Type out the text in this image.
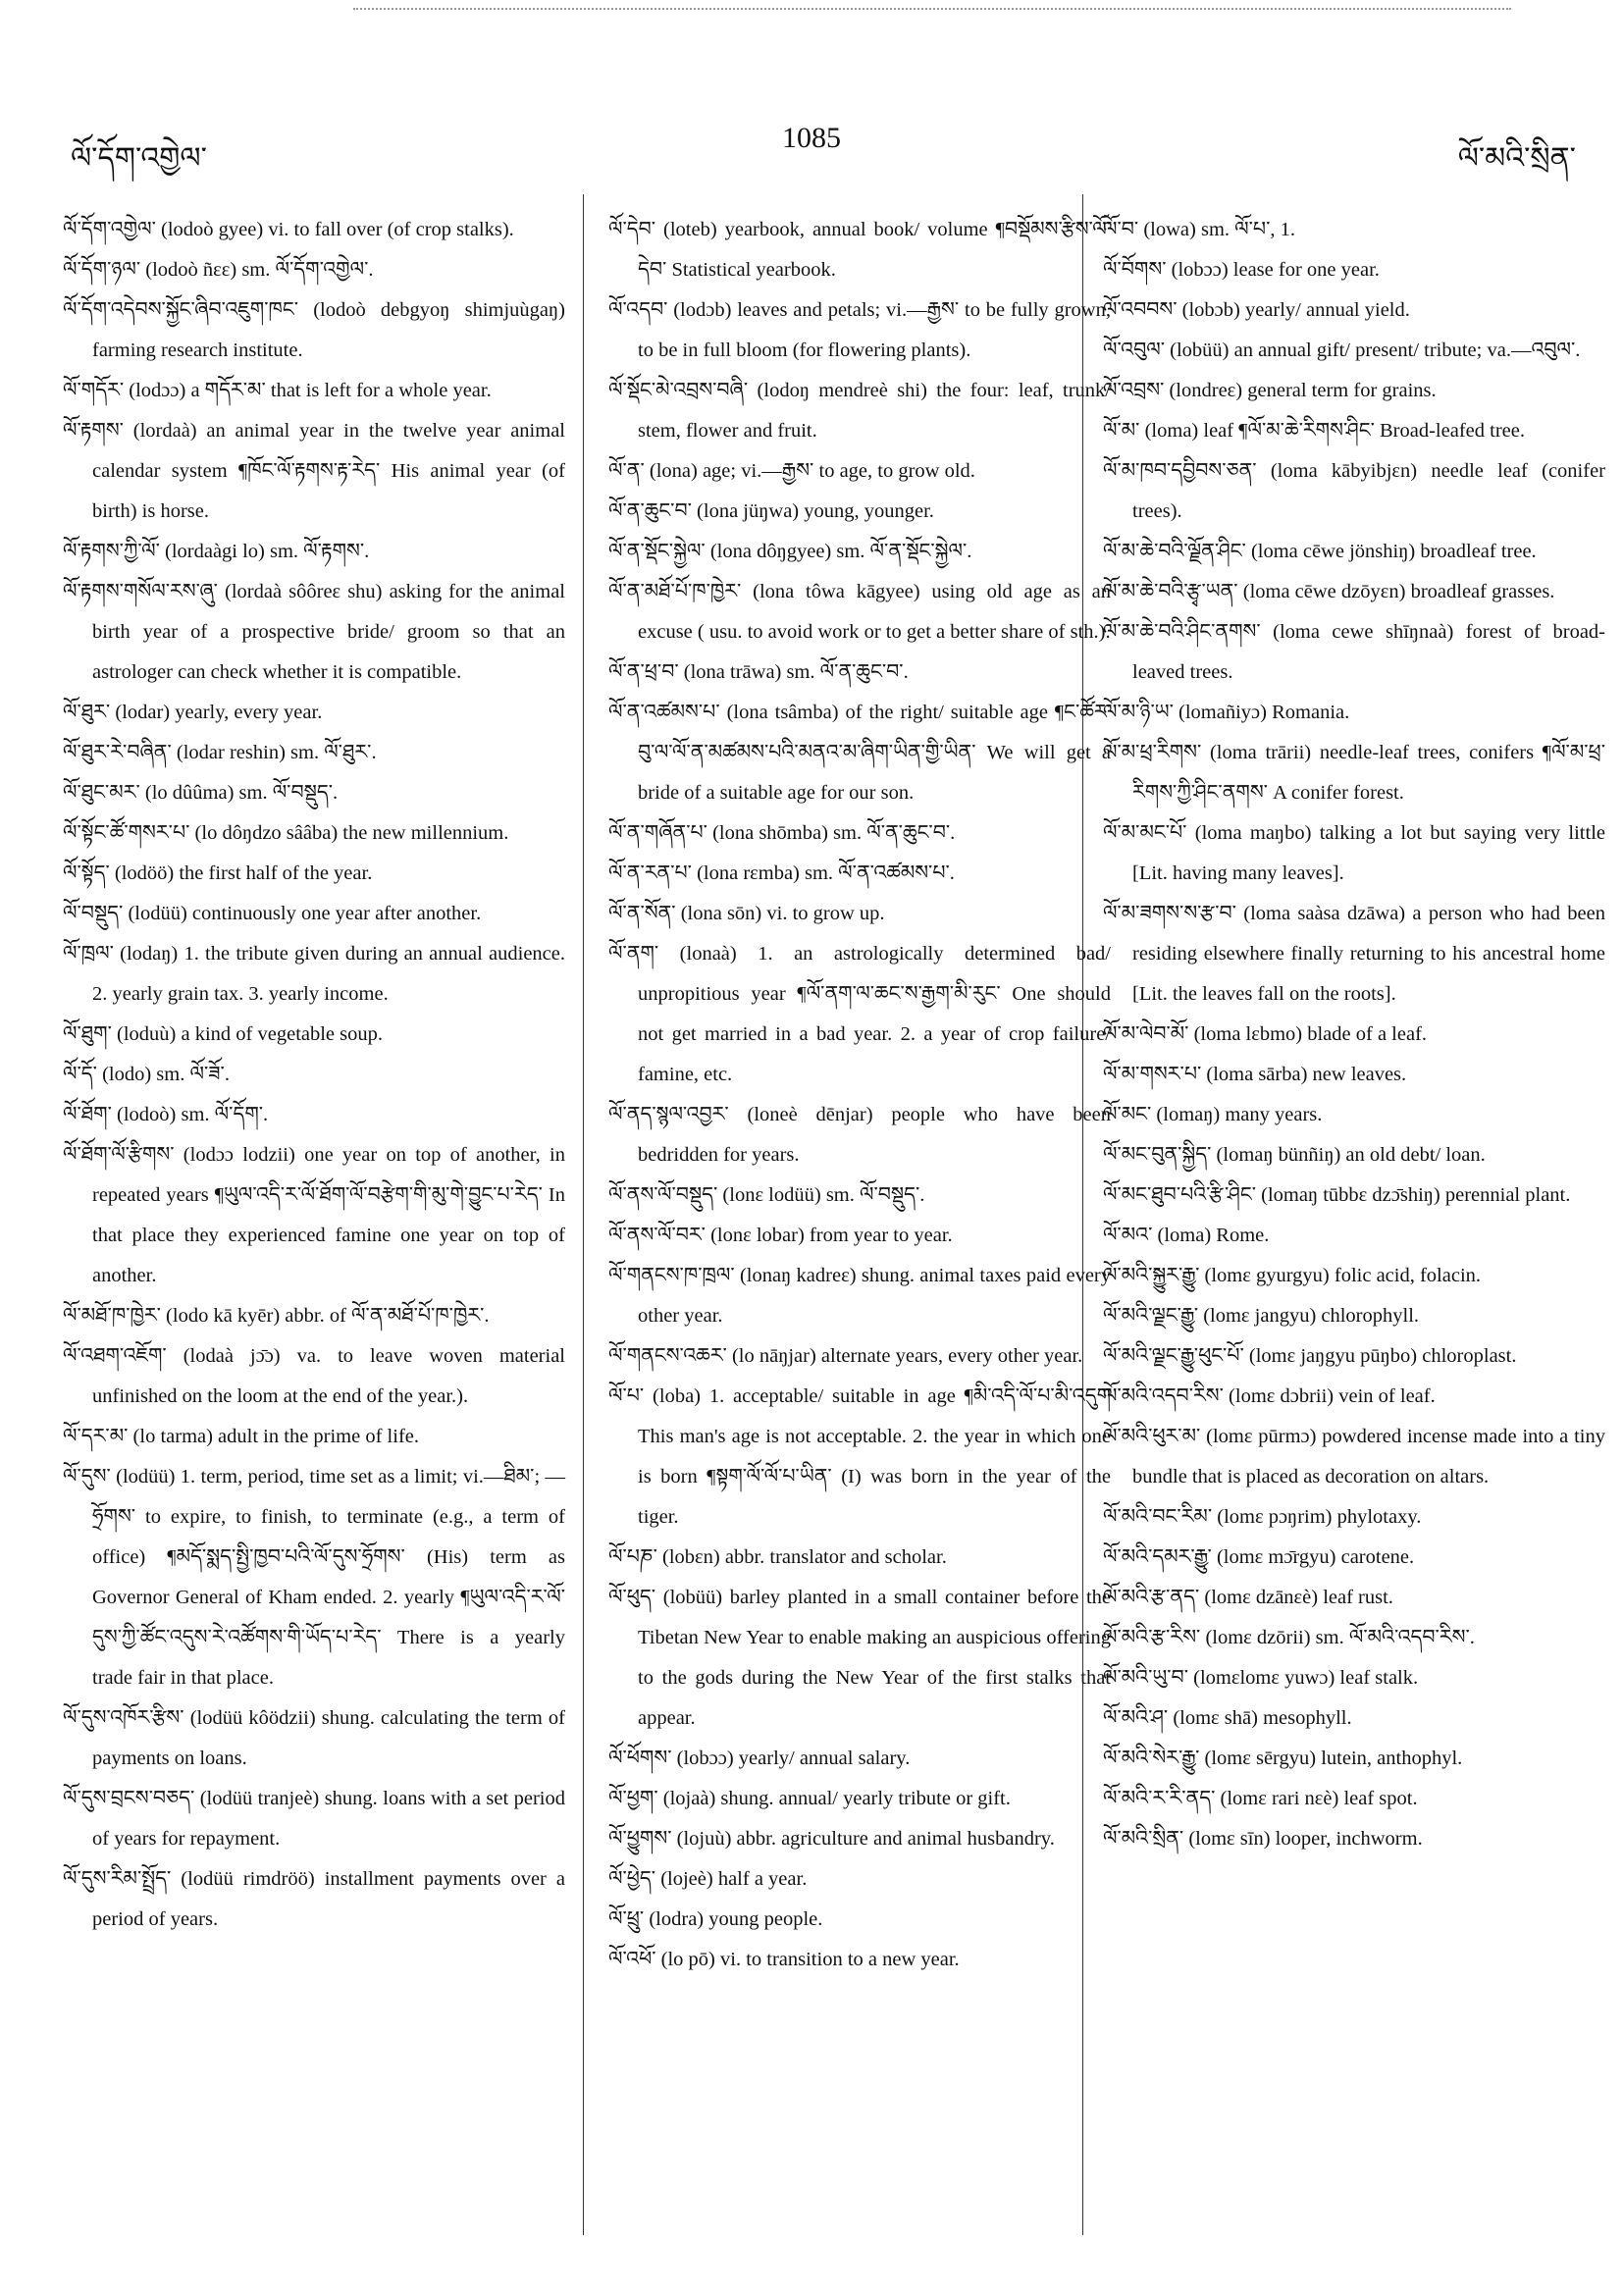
ལོ་དོག་འགྱེལ་
1085
ལོ་མའི་སྲིན་

ལོ་དོག་འགྱེལ་ (lodoò gyee) vi. to fall over (of crop stalks).

ལོ་དོག་ཉལ་ (lodoò ñεε) sm. ལོ་དོག་འགྱེལ་.

ལོ་དོག་འདེབས་སྐྱོང་ཞིབ་འཇུག་ཁང་ (lodoò debgyoŋ shimjuùgaŋ) farming research institute.

ལོ་གདོར་ (lodɔɔ) a གདོར་མ་ that is left for a whole year.

ལོ་རྟགས་ (lordaà) an animal year in the twelve year animal calendar system ¶ཁོང་ལོ་རྟགས་རྟ་རེད་ His animal year (of birth) is horse.

ལོ་རྟགས་ཀྱི་ལོ་ (lordaàgi lo) sm. ལོ་རྟགས་.

ལོ་རྟགས་གསོལ་རས་ཞུ་ (lordaà sôôreε shu) asking for the animal birth year of a prospective bride/ groom so that an astrologer can check whether it is compatible.

ལོ་ཐུར་ (lodar) yearly, every year.

ལོ་ཐུར་རེ་བཞིན་ (lodar reshin) sm. ལོ་ཐུར་.

ལོ་ཐུང་མར་ (lo dûûma) sm. ལོ་བསྡུད་.

ལོ་སྟོང་ཚོ་གསར་པ་ (lo dôŋdzo sââba) the new millennium.

ལོ་སྟོད་ (lodöö) the first half of the year.

ལོ་བསྡུད་ (lodüü) continuously one year after another.

ལོ་ཁྲལ་ (lodaŋ) 1. the tribute given during an annual audience. 2. yearly grain tax. 3. yearly income.

ལོ་ཐུག་ (loduù) a kind of vegetable soup.

ལོ་དོ་ (lodo) sm. ལོ་ཟོ་.

ལོ་ཐོག་ (lodoò) sm. ལོ་དོག་.

ལོ་ཐོག་ལོ་རྩིགས་ (lodɔɔ lodzii) one year on top of another, in repeated years ¶ཡུལ་འདི་ར་ལོ་ཐོག་ལོ་བརྩེག་གི་མུ་གེ་བྱུང་པ་རེད་ In that place they experienced famine one year on top of another.

ལོ་མཐོ་ཁ་ཁྱེར་ (lodo kā kyēr) abbr. of ལོ་ན་མཐོ་པོ་ཁ་ཁྱེར་.

ལོ་འཐག་འཇོག་ (lodaà jɔ̄ɔ) va. to leave woven material unfinished on the loom at the end of the year.).

ལོ་དར་མ་ (lo tarma) adult in the prime of life.

ལོ་དུས་ (lodüü) 1. term, period, time set as a limit; vi.—ཐིམ་; —ཧྲོགས་ to expire, to finish, to terminate (e.g., a term of office) ¶མདོ་སྨད་སྤྱི་ཁྱབ་པའི་ལོ་དུས་ཧྲོགས་ (His) term as Governor General of Kham ended. 2. yearly ¶ཡུལ་འདི་ར་ལོ་དུས་ཀྱི་ཚོང་འདུས་རེ་འཚོགས་གི་ཡོད་པ་རེད་ There is a yearly trade fair in that place.

ལོ་དུས་འཁོར་རྩིས་ (lodüü kôödzii) shung. calculating the term of payments on loans.

ལོ་དུས་བྲངས་བཅད་ (lodüü tranjeè) shung. loans with a set period of years for repayment.

ལོ་དུས་རིམ་སྤྲོད་ (lodüü rimdröö) installment payments over a period of years.

ལོ་དེབ་ (loteb) yearbook, annual book/ volume ¶བསྡོམས་རྩིས་ལོ་དེབ་ Statistical yearbook.

ལོ་འདབ་ (lodɔb) leaves and petals; vi.—རྒྱས་ to be fully grown, to be in full bloom (for flowering plants).

ལོ་སྡོང་མེ་འབྲས་བཞི་ (lodoŋ mendreè shi) the four: leaf, trunk/ stem, flower and fruit.

ལོ་ན་ (lona) age; vi.—རྒྱས་ to age, to grow old.

ལོ་ན་ཆུང་བ་ (lona jüŋwa) young, younger.

ལོ་ན་སྡོང་སྐྱེལ་ (lona dôŋgyee) sm. ལོ་ན་སྡོང་སྐྱེལ་.

ལོ་ན་མཐོ་པོ་ཁ་ཁྱེར་ (lona tôwa kāgyee) using old age as an excuse ( usu. to avoid work or to get a better share of sth.).

ལོ་ན་ཕྲ་བ་ (lona trāwa) sm. ལོ་ན་ཆུང་བ་.

ལོ་ན་འཚམས་པ་ (lona tsâmba) of the right/ suitable age ¶ང་ཚོར་བུ་ལ་ལོ་ན་མཚམས་པའི་མནའ་མ་ཞིག་ཡིན་གྱི་ཡིན་ We will get a bride of a suitable age for our son.

ལོ་ན་གཞོན་པ་ (lona shōmba) sm. ལོ་ན་ཆུང་བ་.

ལོ་ན་རན་པ་ (lona rεmba) sm. ལོ་ན་འཚམས་པ་.

ལོ་ན་སོན་ (lona sōn) vi. to grow up.

ལོ་ནག་ (lonaà) 1. an astrologically determined bad/ unpropitious year ¶ལོ་ནག་ལ་ཆང་ས་རྒྱག་མི་རུང་ One should not get married in a bad year. 2. a year of crop failure/ famine, etc.

ལོ་ནད་སྙལ་འབྱར་ (loneè dēnjar) people who have been bedridden for years.

ལོ་ནས་ལོ་བསྡུད་ (lonε lodüü) sm. ལོ་བསྡུད་.

ལོ་ནས་ལོ་བར་ (lonε lobar) from year to year.

ལོ་གནངས་ཁ་ཁྲལ་ (lonaŋ kadreε) shung. animal taxes paid every other year.

ལོ་གནངས་འཆར་ (lo nāŋjar) alternate years, every other year.

ལོ་པ་ (loba) 1. acceptable/ suitable in age ¶མི་འདི་ལོ་པ་མི་འདུག This man's age is not acceptable. 2. the year in which one is born ¶སྟག་ལོ་ལོ་པ་ཡིན་ (I) was born in the year of the tiger.

ལོ་པཎ་ (lobεn) abbr. translator and scholar.

ལོ་ཕུད་ (lobüü) barley planted in a small container before the Tibetan New Year to enable making an auspicious offering to the gods during the New Year of the first stalks that appear.

ལོ་ཕོགས་ (lobɔɔ) yearly/ annual salary.

ལོ་ཕྱག་ (lojaà) shung. annual/ yearly tribute or gift.

ལོ་ཕྱུགས་ (lojuù) abbr. agriculture and animal husbandry.

ལོ་ཕྱེད་ (lojeè) half a year.

ལོ་ཕྲུ་ (lodra) young people.

ལོ་འཕོ་ (lo pō) vi. to transition to a new year.

ལོ་བ་ (lowa) sm. ལོ་པ་, 1.

ལོ་བོགས་ (lobɔɔ) lease for one year.

ལོ་འབབས་ (lobɔb) yearly/ annual yield.

ལོ་འབུལ་ (lobüü) an annual gift/ present/ tribute; va.—འབུལ་.

ལོ་འབྲས་ (londreε) general term for grains.

ལོ་མ་ (loma) leaf ¶ལོ་མ་ཆེ་རིགས་ཤིང་ Broad-leafed tree.

ལོ་མ་ཁབ་དབྱིབས་ཅན་ (loma kābyibjεn) needle leaf (conifer trees).

ལོ་མ་ཆེ་བའི་ལྗོན་ཤིང་ (loma cēwe jönshiŋ) broadleaf tree.

ལོ་མ་ཆེ་བའི་རྩྭ་ཡན་ (loma cēwe dzōyεn) broadleaf grasses.

ལོ་མ་ཆེ་བའི་ཤིང་ནགས་ (loma cewe shīŋnaà) forest of broad-leaved trees.

ལོ་མ་ཉི་ཡ་ (lomañiyɔ) Romania.

ལོ་མ་ཕྲ་རིགས་ (loma trārii) needle-leaf trees, conifers ¶ལོ་མ་ཕྲ་རིགས་ཀྱི་ཤིང་ནགས་ A conifer forest.

ལོ་མ་མང་པོ་ (loma maŋbo) talking a lot but saying very little [Lit. having many leaves].

ལོ་མ་ཟགས་ས་རྩ་བ་ (loma saàsa dzāwa) a person who had been residing elsewhere finally returning to his ancestral home [Lit. the leaves fall on the roots].

ལོ་མ་ལེབ་མོ་ (loma lεbmo) blade of a leaf.

ལོ་མ་གསར་པ་ (loma sārba) new leaves.

ལོ་མང་ (lomaŋ) many years.

ལོ་མང་བུན་སྐྱིད་ (lomaŋ bünñiŋ) an old debt/ loan.

ལོ་མང་ཐུབ་པའི་རྩི་ཤིང་ (lomaŋ tūbbε dzɔ̄shiŋ) perennial plant.

ལོ་མའ་ (loma) Rome.

ལོ་མའི་སྐྱུར་རྒྱུ་ (lomε gyurgyu) folic acid, folacin.

ལོ་མའི་ལྗང་རྒྱུ་ (lomε jangyu) chlorophyll.

ལོ་མའི་ལྗང་རྒྱུ་ཕུང་པོ་ (lomε jaŋgyu pūŋbo) chloroplast.

ལོ་མའི་འདབ་རིས་ (lomε dɔbrii) vein of leaf.

ལོ་མའི་ཕུར་མ་ (lomε pūrmɔ) powdered incense made into a tiny bundle that is placed as decoration on altars.

ལོ་མའི་བང་རིམ་ (lomε pɔŋrim) phylotaxy.

ལོ་མའི་དམར་རྒྱུ་ (lomε mɔ̄rgyu) carotene.

ལོ་མའི་རྩ་ནད་ (lomε dzānεè) leaf rust.

ལོ་མའི་རྩ་རིས་ (lomε dzōrii) sm. ལོ་མའི་འདབ་རིས་.

ལོ་མའི་ཡུ་བ་ (lomεlomε yuwɔ) leaf stalk.

ལོ་མའི་ཤ་ (lomε shā) mesophyll.

ལོ་མའི་སེར་རྒྱུ་ (lomε sērgyu) lutein, anthophyl.

ལོ་མའི་ར་རི་ནད་ (lomε rari nεè) leaf spot.

ལོ་མའི་སྲིན་ (lomε sīn) looper, inchworm.
